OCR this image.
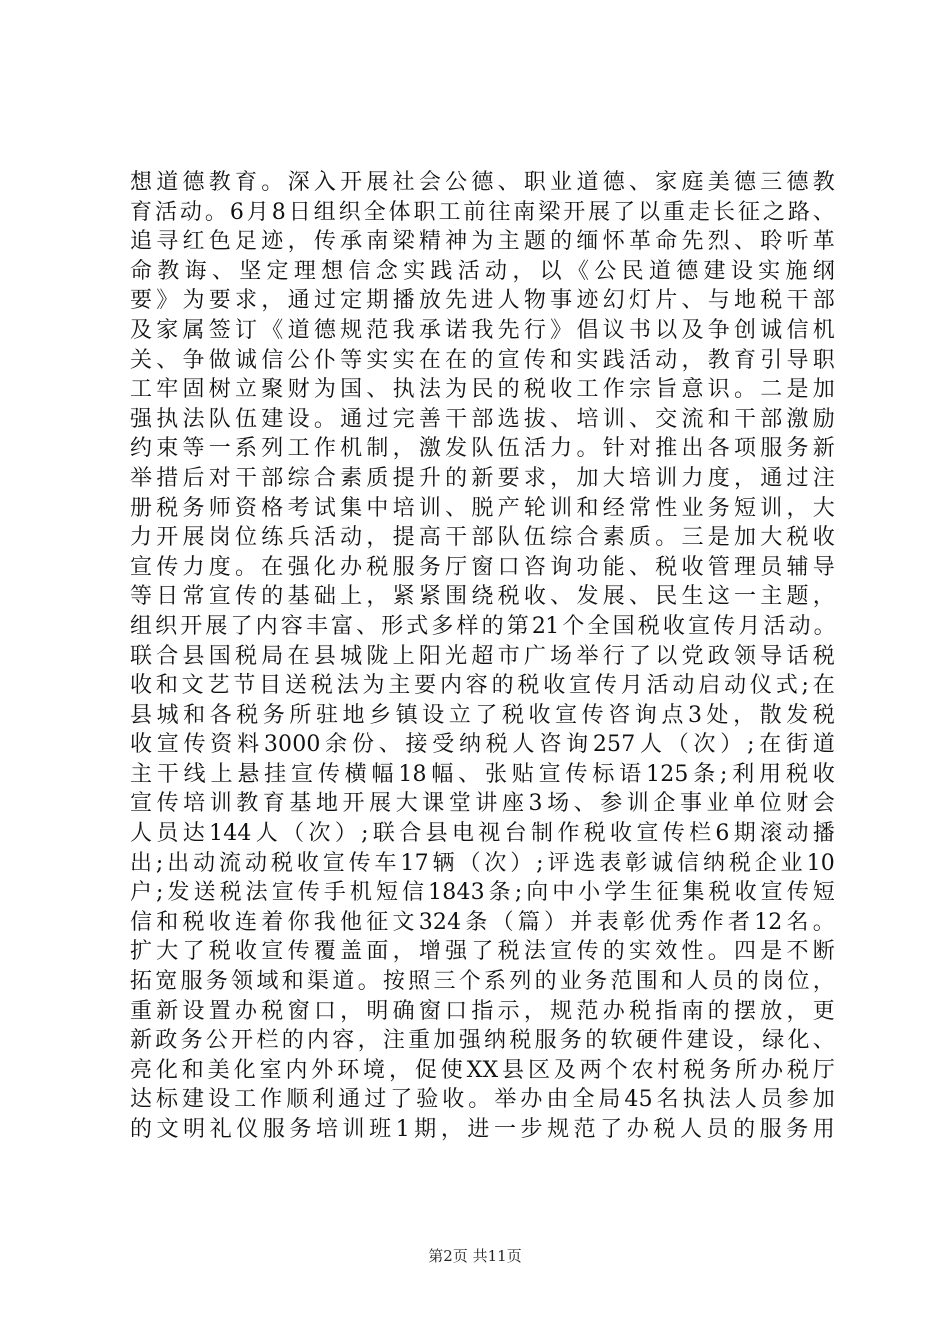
想道德教育。深入开展社会公德、职业道德、家庭美德三德教
育活动。6月8日组织全体职工前往南梁开展了以重走长征之路、
追寻红色足迹，传承南梁精神为主题的缅怀革命先烈、聆听革
命教诲、坚定理想信念实践活动，以《公民道德建设实施纲
要》为要求，通过定期播放先进人物事迹幻灯片、与地税干部
及家属签订《道德规范我承诺我先行》倡议书以及争创诚信机
关、争做诚信公仆等实实在在的宣传和实践活动，教育引导职
工牢固树立聚财为国、执法为民的税收工作宗旨意识。二是加
强执法队伍建设。通过完善干部选拔、培训、交流和干部激励
约束等一系列工作机制，激发队伍活力。针对推出各项服务新
举措后对干部综合素质提升的新要求，加大培训力度，通过注
册税务师资格考试集中培训、脱产轮训和经常性业务短训，大
力开展岗位练兵活动，提高干部队伍综合素质。三是加大税收
宣传力度。在强化办税服务厅窗口咨询功能、税收管理员辅导
等日常宣传的基础上，紧紧围绕税收、发展、民生这一主题，
组织开展了内容丰富、形式多样的第21个全国税收宣传月活动。
联合县国税局在县城陇上阳光超市广场举行了以党政领导话税
收和文艺节目送税法为主要内容的税收宣传月活动启动仪式;在
县城和各税务所驻地乡镇设立了税收宣传咨询点3处，散发税
收宣传资料3000余份、接受纳税人咨询257人（次）;在街道
主干线上悬挂宣传横幅18幅、张贴宣传标语125条;利用税收
宣传培训教育基地开展大课堂讲座3场、参训企事业单位财会
人员达144人（次）;联合县电视台制作税收宣传栏6期滚动播
出;出动流动税收宣传车17辆（次）;评选表彰诚信纳税企业10
户;发送税法宣传手机短信1843条;向中小学生征集税收宣传短
信和税收连着你我他征文324条（篇）并表彰优秀作者12名。
扩大了税收宣传覆盖面，增强了税法宣传的实效性。四是不断
拓宽服务领域和渠道。按照三个系列的业务范围和人员的岗位，
重新设置办税窗口，明确窗口指示，规范办税指南的摆放，更
新政务公开栏的内容，注重加强纳税服务的软硬件建设，绿化、
亮化和美化室内外环境，促使XX县区及两个农村税务所办税厅
达标建设工作顺利通过了验收。举办由全局45名执法人员参加
的文明礼仪服务培训班1期，进一步规范了办税人员的服务用
第2页 共11页
